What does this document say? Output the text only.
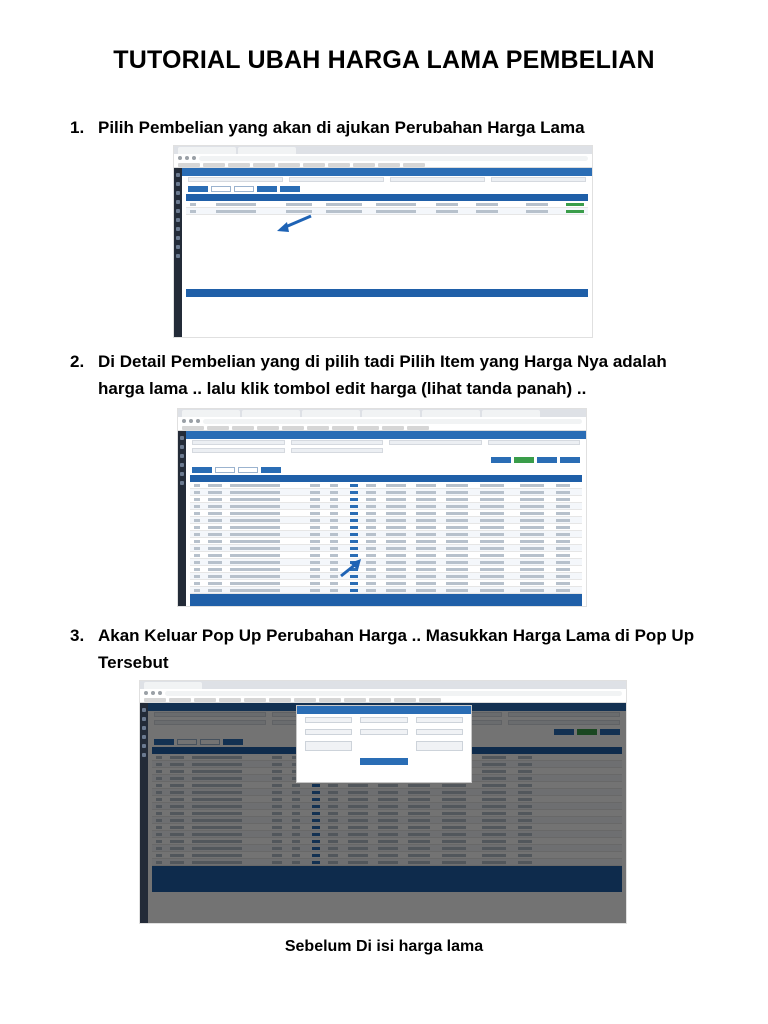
TUTORIAL UBAH HARGA LAMA PEMBELIAN
1. Pilih Pembelian yang akan di ajukan Perubahan Harga Lama
2. Di Detail Pembelian yang di pilih tadi Pilih Item yang Harga Nya adalah
harga lama .. lalu klik tombol edit harga (lihat tanda panah) ..
3. Akan Keluar Pop Up Perubahan Harga .. Masukkan Harga Lama di Pop Up
Tersebut
Sebelum Di isi harga lama
